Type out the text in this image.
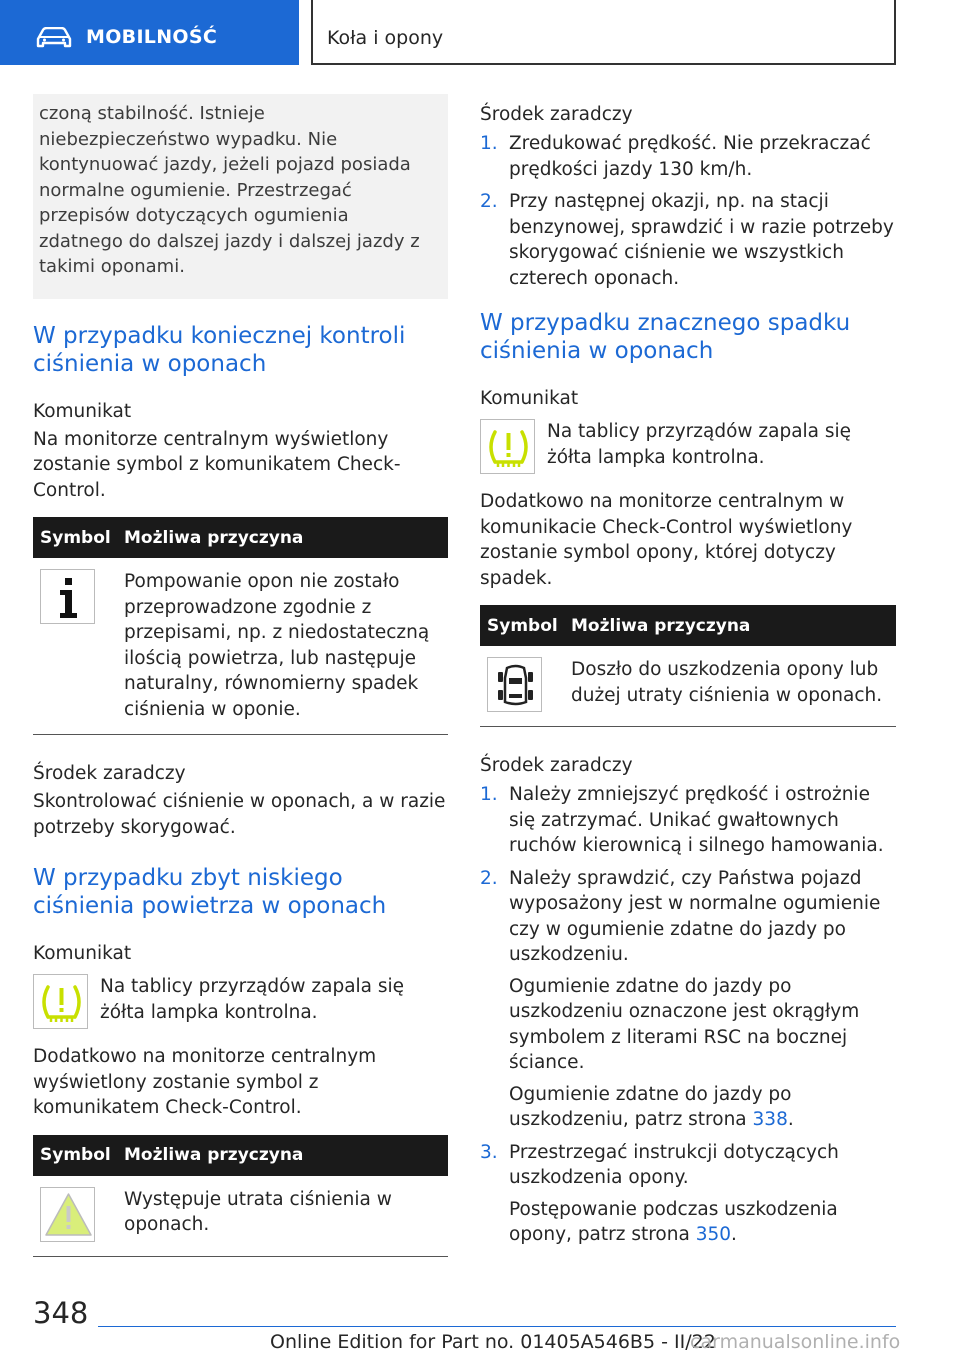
MOBILNOŚĆ	Koła i opony
czoną stabilność. Istnieje niebezpieczeństwo wypadku. Nie kontynuować jazdy, jeżeli pojazd posiada normalne ogumienie. Przestrzegać przepisów dotyczących ogumienia zdatnego do dalszej jazdy i dalszej jazdy z takimi oponami.
W przypadku koniecznej kontroli ciśnienia w oponach
Komunikat
Na monitorze centralnym wyświetlony zostanie symbol z komunikatem Check-Control.
Symbol Możliwa przyczyna
Pompowanie opon nie zostało przeprowadzone zgodnie z przepisami, np. z niedostateczną ilością powietrza, lub następuje naturalny, równomierny spadek ciśnienia w oponie.
Środek zaradczy
Skontrolować ciśnienie w oponach, a w razie potrzeby skorygować.
W przypadku zbyt niskiego ciśnienia powietrza w oponach
Komunikat
Na tablicy przyrządów zapala się żółta lampka kontrolna.
Dodatkowo na monitorze centralnym wyświetlony zostanie symbol z komunikatem Check-Control.
Symbol Możliwa przyczyna
Występuje utrata ciśnienia w oponach.
Środek zaradczy
1. Zredukować prędkość. Nie przekraczać prędkości jazdy 130 km/h.
2. Przy następnej okazji, np. na stacji benzynowej, sprawdzić i w razie potrzeby skorygować ciśnienie we wszystkich czterech oponach.
W przypadku znacznego spadku ciśnienia w oponach
Komunikat
Na tablicy przyrządów zapala się żółta lampka kontrolna.
Dodatkowo na monitorze centralnym w komunikacie Check-Control wyświetlony zostanie symbol opony, której dotyczy spadek.
Symbol Możliwa przyczyna
Doszło do uszkodzenia opony lub dużej utraty ciśnienia w oponach.
Środek zaradczy
1. Należy zmniejszyć prędkość i ostrożnie się zatrzymać. Unikać gwałtownych ruchów kierownicą i silnego hamowania.
2. Należy sprawdzić, czy Państwa pojazd wyposażony jest w normalne ogumienie czy w ogumienie zdatne do jazdy po uszkodzeniu.
Ogumienie zdatne do jazdy po uszkodzeniu oznaczone jest okrągłym symbolem z literami RSC na bocznej ściance.
Ogumienie zdatne do jazdy po uszkodzeniu, patrz strona 338.
3. Przestrzegać instrukcji dotyczących uszkodzenia opony.
Postępowanie podczas uszkodzenia opony, patrz strona 350.
348
Online Edition for Part no. 01405A546B5 - II/22
carmanualsonline.info
